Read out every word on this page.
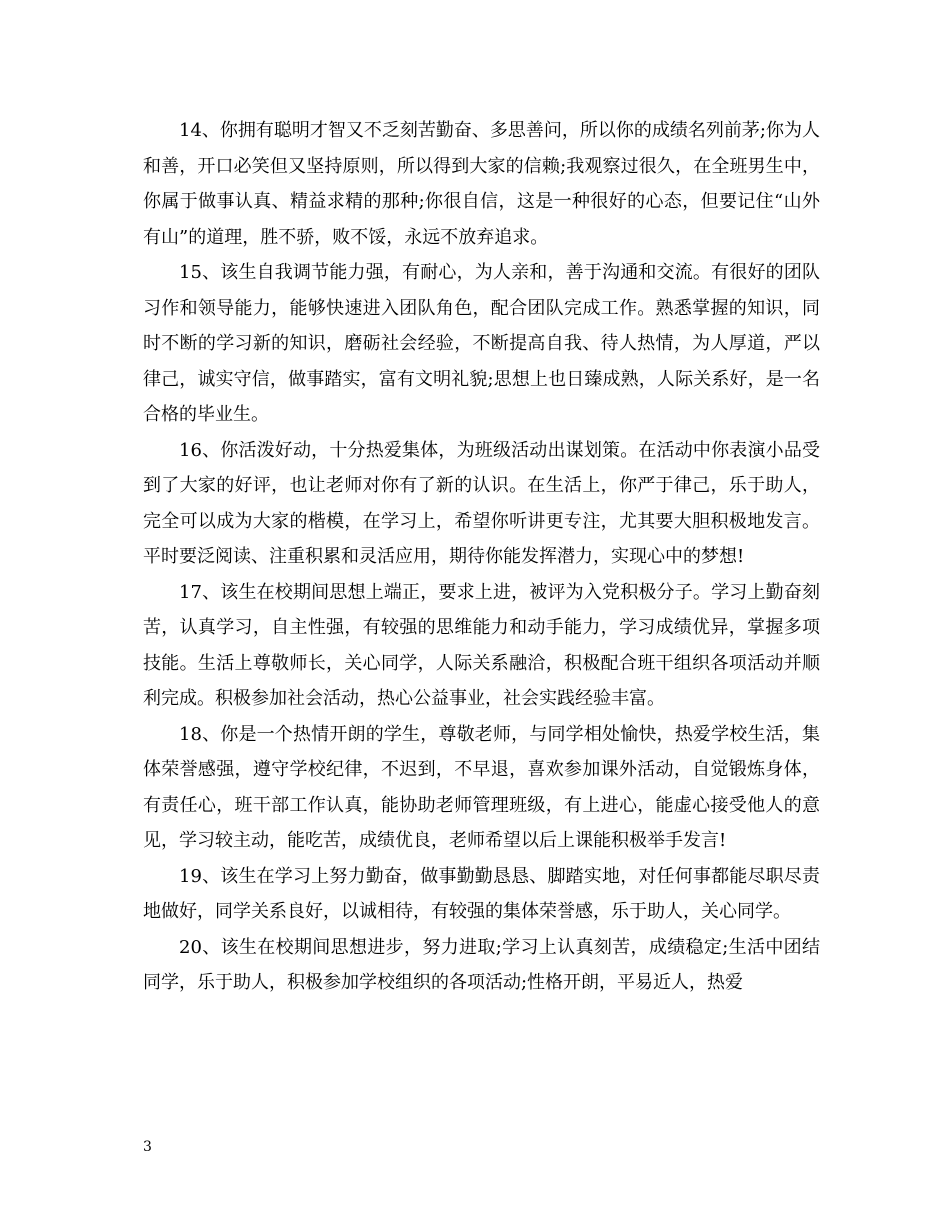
14、你拥有聪明才智又不乏刻苦勤奋、多思善问，所以你的成绩名列前茅;你为人和善，开口必笑但又坚持原则，所以得到大家的信赖;我观察过很久，在全班男生中，你属于做事认真、精益求精的那种;你很自信，这是一种很好的心态，但要记住“山外有山”的道理，胜不骄，败不馁，永远不放弃追求。

15、该生自我调节能力强，有耐心，为人亲和，善于沟通和交流。有很好的团队习作和领导能力，能够快速进入团队角色，配合团队完成工作。熟悉掌握的知识，同时不断的学习新的知识，磨砺社会经验，不断提高自我、待人热情，为人厚道，严以律己，诚实守信，做事踏实，富有文明礼貌;思想上也日臻成熟，人际关系好，是一名合格的毕业生。

16、你活泼好动，十分热爱集体，为班级活动出谋划策。在活动中你表演小品受到了大家的好评，也让老师对你有了新的认识。在生活上，你严于律己，乐于助人，完全可以成为大家的楷模，在学习上，希望你听讲更专注，尤其要大胆积极地发言。平时要泛阅读、注重积累和灵活应用，期待你能发挥潜力，实现心中的梦想!

17、该生在校期间思想上端正，要求上进，被评为入党积极分子。学习上勤奋刻苦，认真学习，自主性强，有较强的思维能力和动手能力，学习成绩优异，掌握多项技能。生活上尊敬师长，关心同学，人际关系融洽，积极配合班干组织各项活动并顺利完成。积极参加社会活动，热心公益事业，社会实践经验丰富。

18、你是一个热情开朗的学生，尊敬老师，与同学相处愉快，热爱学校生活，集体荣誉感强，遵守学校纪律，不迟到，不早退，喜欢参加课外活动，自觉锻炼身体，有责任心，班干部工作认真，能协助老师管理班级，有上进心，能虚心接受他人的意见，学习较主动，能吃苦，成绩优良，老师希望以后上课能积极举手发言!

19、该生在学习上努力勤奋，做事勤勤恳恳、脚踏实地，对任何事都能尽职尽责地做好，同学关系良好，以诚相待，有较强的集体荣誉感，乐于助人，关心同学。

20、该生在校期间思想进步，努力进取;学习上认真刻苦，成绩稳定;生活中团结同学，乐于助人，积极参加学校组织的各项活动;性格开朗，平易近人，热爱

3
